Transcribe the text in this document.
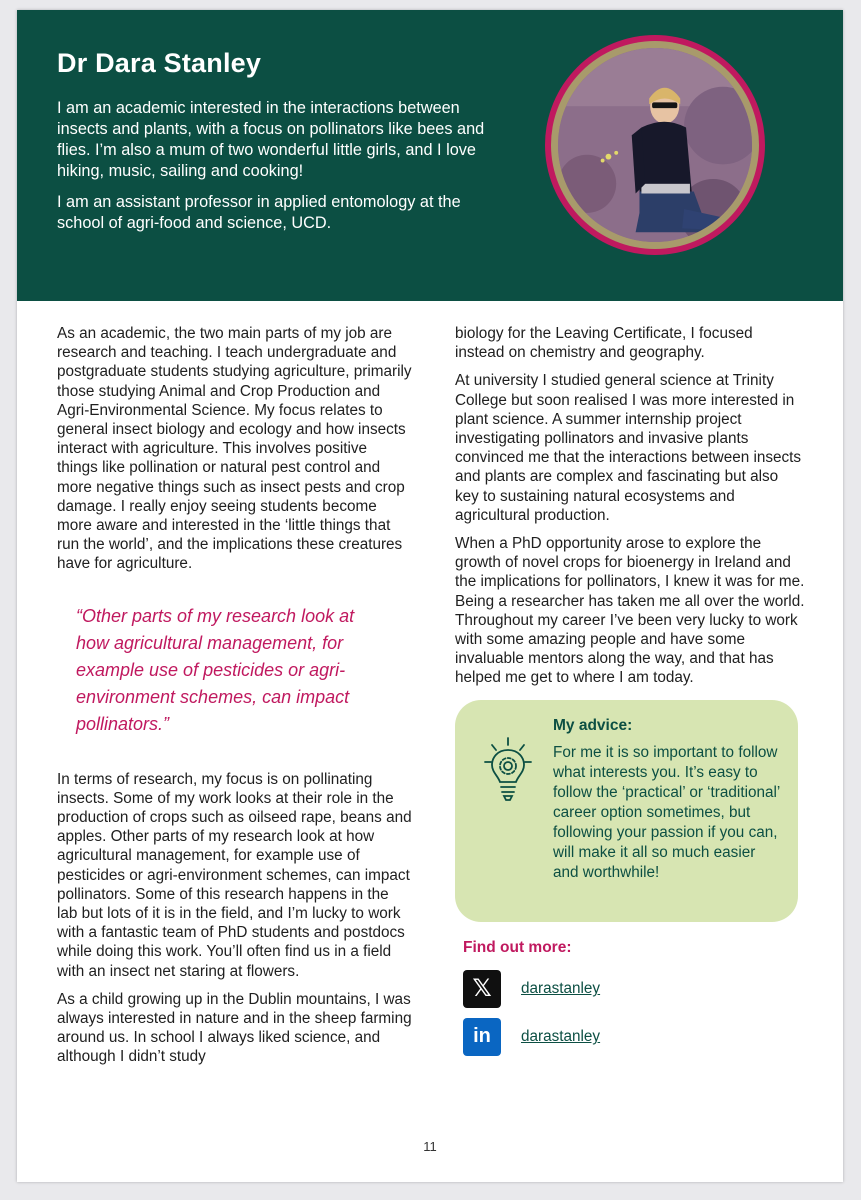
Dr Dara Stanley

I am an academic interested in the interactions between insects and plants, with a focus on pollinators like bees and flies. I’m also a mum of two wonderful little girls, and I love hiking, music, sailing and cooking!

I am an assistant professor in applied entomology at the school of agri-food and science, UCD.

As an academic, the two main parts of my job are research and teaching. I teach undergraduate and postgraduate students studying agriculture, primarily those studying Animal and Crop Production and Agri-Environmental Science. My focus relates to general insect biology and ecology and how insects interact with agriculture. This involves positive things like pollination or natural pest control and more negative things such as insect pests and crop damage. I really enjoy seeing students become more aware and interested in the ‘little things that run the world’, and the implications these creatures have for agriculture.

“Other parts of my research look at how agricultural management, for example use of pesticides or agri-environment schemes, can impact pollinators.”

In terms of research, my focus is on pollinating insects. Some of my work looks at their role in the production of crops such as oilseed rape, beans and apples. Other parts of my research look at how agricultural management, for example use of pesticides or agri-environment schemes, can impact pollinators. Some of this research happens in the lab but lots of it is in the field, and I’m lucky to work with a fantastic team of PhD students and postdocs while doing this work. You’ll often find us in a field with an insect net staring at flowers.

As a child growing up in the Dublin mountains, I was always interested in nature and in the sheep farming around us. In school I always liked science, and although I didn’t study

biology for the Leaving Certificate, I focused instead on chemistry and geography.

At university I studied general science at Trinity College but soon realised I was more interested in plant science. A summer internship project investigating pollinators and invasive plants convinced me that the interactions between insects and plants are complex and fascinating but also key to sustaining natural ecosystems and agricultural production.

When a PhD opportunity arose to explore the growth of novel crops for bioenergy in Ireland and the implications for pollinators, I knew it was for me. Being a researcher has taken me all over the world. Throughout my career I’ve been very lucky to work with some amazing people and have some invaluable mentors along the way, and that has helped me get to where I am today.

My advice:

For me it is so important to follow what interests you. It’s easy to follow the ‘practical’ or ‘traditional’ career option sometimes, but following your passion if you can, will make it all so much easier and worthwhile!

Find out more:
𝕏	darastanley
in	darastanley
11
